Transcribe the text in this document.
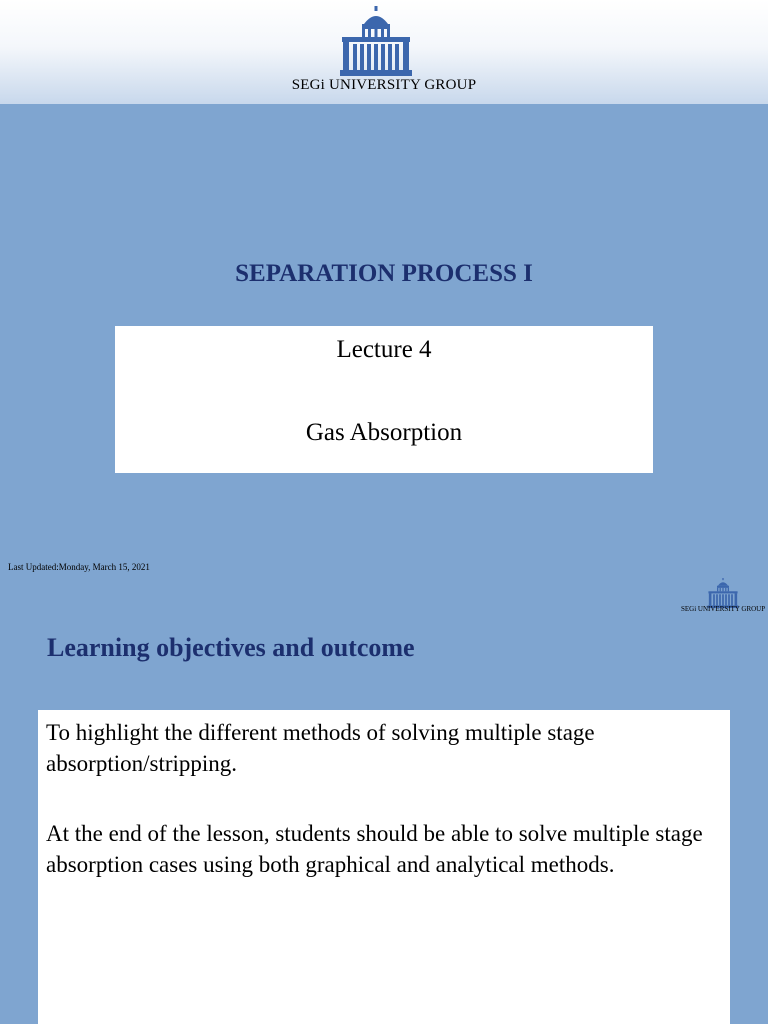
SEGi UNIVERSITY GROUP
SEPARATION PROCESS I
Lecture 4
Gas Absorption
Last Updated:Monday, March 15, 2021
SEGi UNIVERSITY GROUP
Learning objectives and outcome
To highlight the different methods of solving multiple stage absorption/stripping.
At the end of the lesson, students should be able to solve multiple stage absorption cases using both graphical and analytical methods.
